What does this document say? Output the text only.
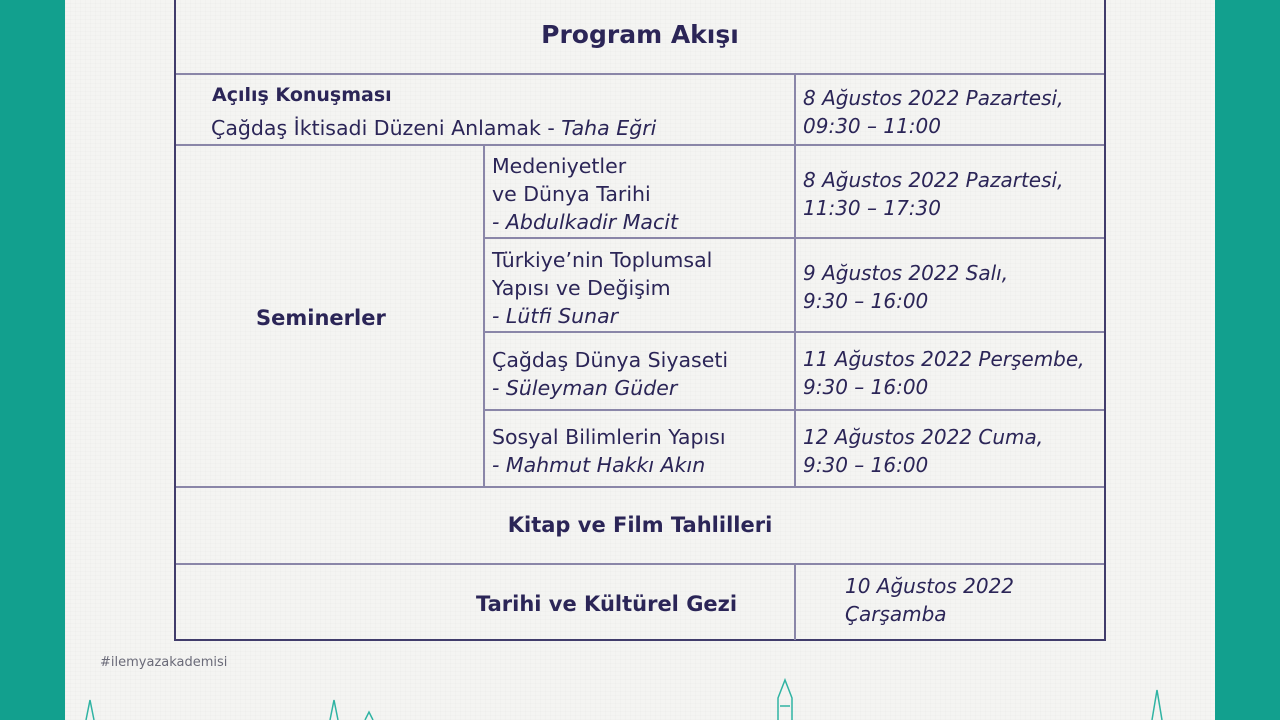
Program Akışı
Açılış Konuşması
Çağdaş İktisadi Düzeni Anlamak - Taha Eğri
8 Ağustos 2022 Pazartesi,
09:30 – 11:00
Seminerler
Medeniyetler
ve Dünya Tarihi
- Abdulkadir Macit
8 Ağustos 2022 Pazartesi,
11:30 – 17:30
Türkiye’nin Toplumsal
Yapısı ve Değişim
- Lütfi Sunar
9 Ağustos 2022 Salı,
9:30 – 16:00
Çağdaş Dünya Siyaseti
- Süleyman Güder
11 Ağustos 2022 Perşembe,
9:30 – 16:00
Sosyal Bilimlerin Yapısı
- Mahmut Hakkı Akın
12 Ağustos 2022 Cuma,
9:30 – 16:00
Kitap ve Film Tahlilleri
Tarihi ve Kültürel Gezi
10 Ağustos 2022
Çarşamba
#ilemyazakademisi
